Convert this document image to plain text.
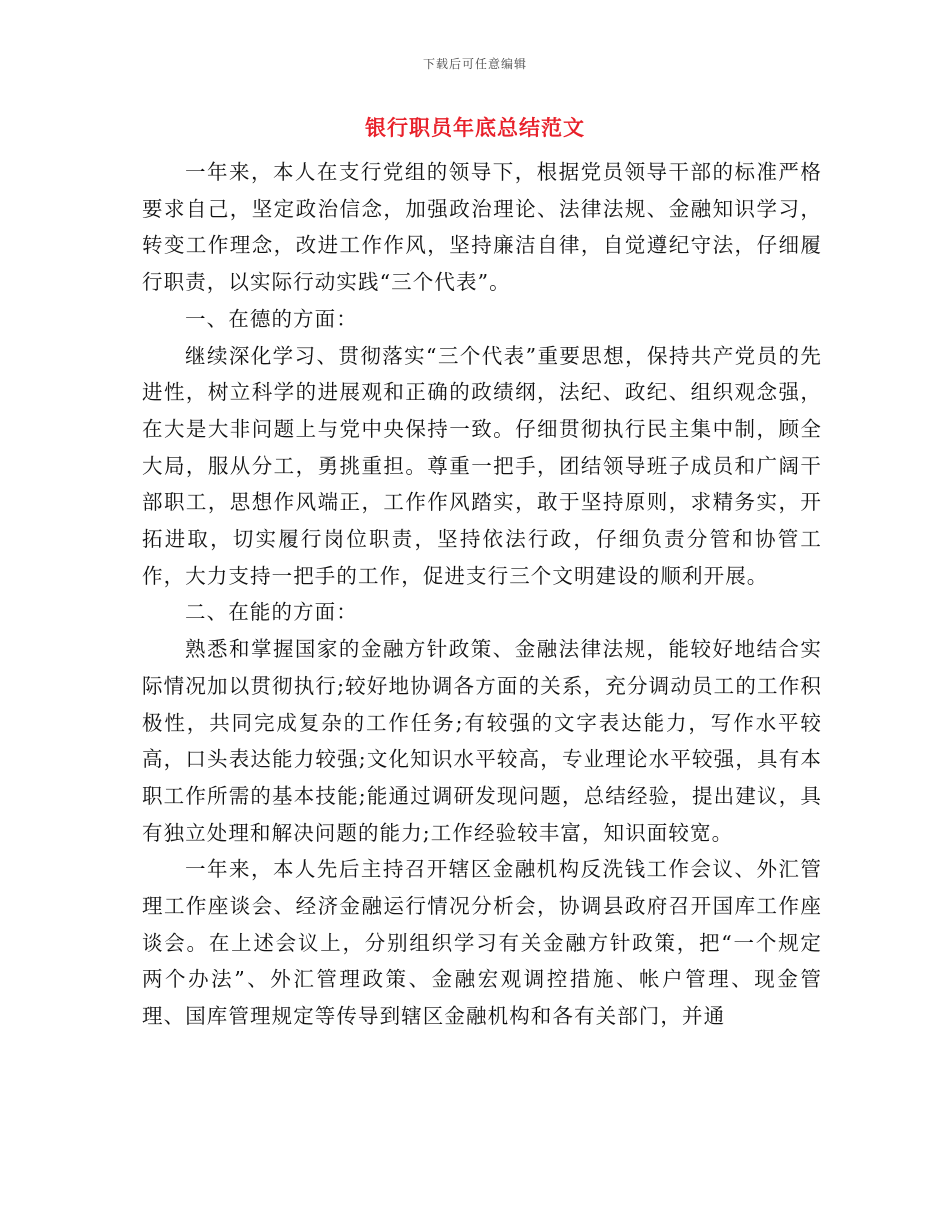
下载后可任意编辑
银行职员年底总结范文

一年来，本人在支行党组的领导下，根据党员领导干部的标准严格要求自己，坚定政治信念，加强政治理论、法律法规、金融知识学习，转变工作理念，改进工作作风，坚持廉洁自律，自觉遵纪守法，仔细履行职责，以实际行动实践“三个代表”。

一、在德的方面：

继续深化学习、贯彻落实“三个代表”重要思想，保持共产党员的先进性，树立科学的进展观和正确的政绩纲，法纪、政纪、组织观念强，在大是大非问题上与党中央保持一致。仔细贯彻执行民主集中制，顾全大局，服从分工，勇挑重担。尊重一把手，团结领导班子成员和广阔干部职工，思想作风端正，工作作风踏实，敢于坚持原则，求精务实，开拓进取，切实履行岗位职责，坚持依法行政，仔细负责分管和协管工作，大力支持一把手的工作，促进支行三个文明建设的顺利开展。

二、在能的方面：

熟悉和掌握国家的金融方针政策、金融法律法规，能较好地结合实际情况加以贯彻执行;较好地协调各方面的关系，充分调动员工的工作积极性，共同完成复杂的工作任务;有较强的文字表达能力，写作水平较高，口头表达能力较强;文化知识水平较高，专业理论水平较强，具有本职工作所需的基本技能;能通过调研发现问题，总结经验，提出建议，具有独立处理和解决问题的能力;工作经验较丰富，知识面较宽。

一年来，本人先后主持召开辖区金融机构反洗钱工作会议、外汇管理工作座谈会、经济金融运行情况分析会，协调县政府召开国库工作座谈会。在上述会议上，分别组织学习有关金融方针政策，把“一个规定两个办法”、外汇管理政策、金融宏观调控措施、帐户管理、现金管理、国库管理规定等传导到辖区金融机构和各有关部门，并通
